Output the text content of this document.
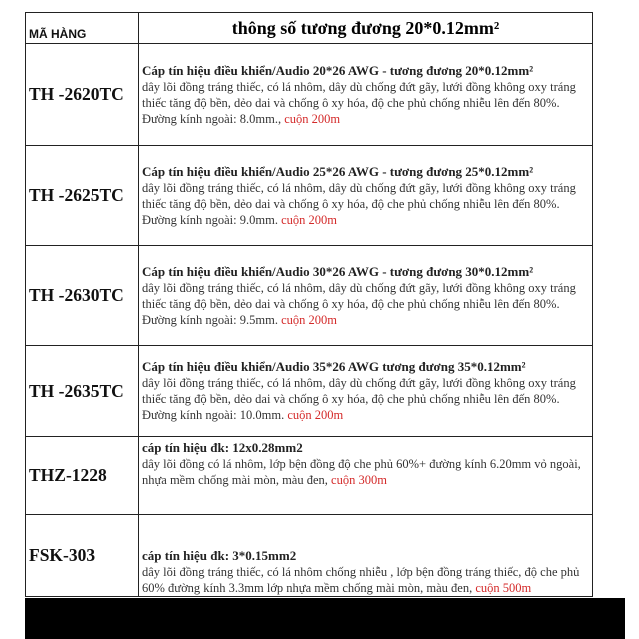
MÃ HÀNG	thông số tương đương 20*0.12mm²
TH -2620TC	Cáp tín hiệu điều khiển/Audio 20*26 AWG - tương đương 20*0.12mm²
dây lõi đồng tráng thiếc, có lá nhôm, dây dù chống đứt gãy, lưới đồng không oxy tráng thiếc tăng độ bền, dẻo dai và chống ô xy hóa, độ che phủ chống nhiễu lên đến 80%. Đường kính ngoài: 8.0mm., cuộn 200m

TH -2625TC	Cáp tín hiệu điều khiển/Audio 25*26 AWG - tương đương 25*0.12mm²
dây lõi đồng tráng thiếc, có lá nhôm, dây dù chống đứt gãy, lưới đồng không oxy tráng thiếc tăng độ bền, dẻo dai và chống ô xy hóa, độ che phủ chống nhiễu lên đến 80%. Đường kính ngoài: 9.0mm. cuộn 200m

TH -2630TC	Cáp tín hiệu điều khiển/Audio 30*26 AWG - tương đương 30*0.12mm²
dây lõi đồng tráng thiếc, có lá nhôm, dây dù chống đứt gãy, lưới đồng không oxy tráng thiếc tăng độ bền, dẻo dai và chống ô xy hóa, độ che phủ chống nhiễu lên đến 80%. Đường kính ngoài: 9.5mm. cuộn 200m

TH -2635TC	Cáp tín hiệu điều khiển/Audio 35*26 AWG tương đương 35*0.12mm²
dây lõi đồng tráng thiếc, có lá nhôm, dây dù chống đứt gãy, lưới đồng không oxy tráng thiếc tăng độ bền, dẻo dai và chống ô xy hóa, độ che phủ chống nhiễu lên đến 80%. Đường kính ngoài: 10.0mm. cuộn 200m

THZ-1228	cáp tín hiệu đk: 12x0.28mm2
dây lõi đồng có lá nhôm, lớp bện đồng độ che phủ 60%+ đường kính 6.20mm vỏ ngoài, nhựa mềm chống mài mòn, màu đen, cuộn 300m

FSK-303	cáp tín hiệu đk: 3*0.15mm2
dây lõi đồng tráng thiếc, có lá nhôm chống nhiễu , lớp bện đồng tráng thiếc, độ che phủ 60% đường kính 3.3mm lớp nhựa mềm chống mài mòn, màu đen, cuộn 500m
